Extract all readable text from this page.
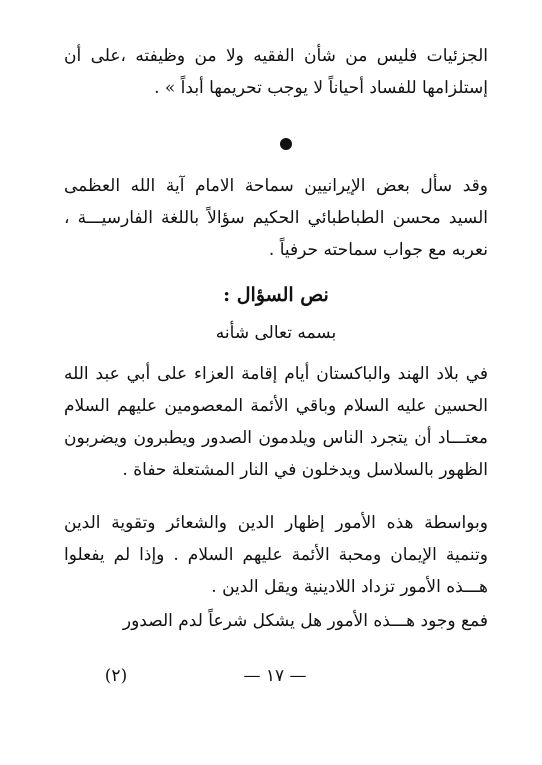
الجزئيات فليس من شأن الفقيه ولا من وظيفته ،على أن إستلزامها للفساد أحياناً لا يوجب تحريمها أبداً » .

وقد سأل بعض الإيرانيين سماحة الامام آية الله العظمى السيد محسن الطباطبائي الحكيم سؤالاً باللغة الفارسيـــة ، نعربه مع جواب سماحته حرفياً .

نص السؤال :

بسمه تعالى شأنه

في بلاد الهند والباكستان أيام إقامة العزاء على أبي عبد الله الحسين عليه السلام وباقي الأئمة المعصومين عليهم السلام معتـــاد أن يتجرد الناس ويلدمون الصدور ويطبرون ويضربون الظهور بالسلاسل ويدخلون في النار المشتعلة حفاة .

وبواسطة هذه الأمور إظهار الدين والشعائر وتقوية الدين وتنمية الإيمان ومحبة الأئمة عليهم السلام . وإذا لم يفعلوا هـــذه الأمور تزداد اللادينية ويقل الدين .

فمع وجود هـــذه الأمور هل يشكل شرعاً لدم الصدور

— ١٧ —
(٢)
